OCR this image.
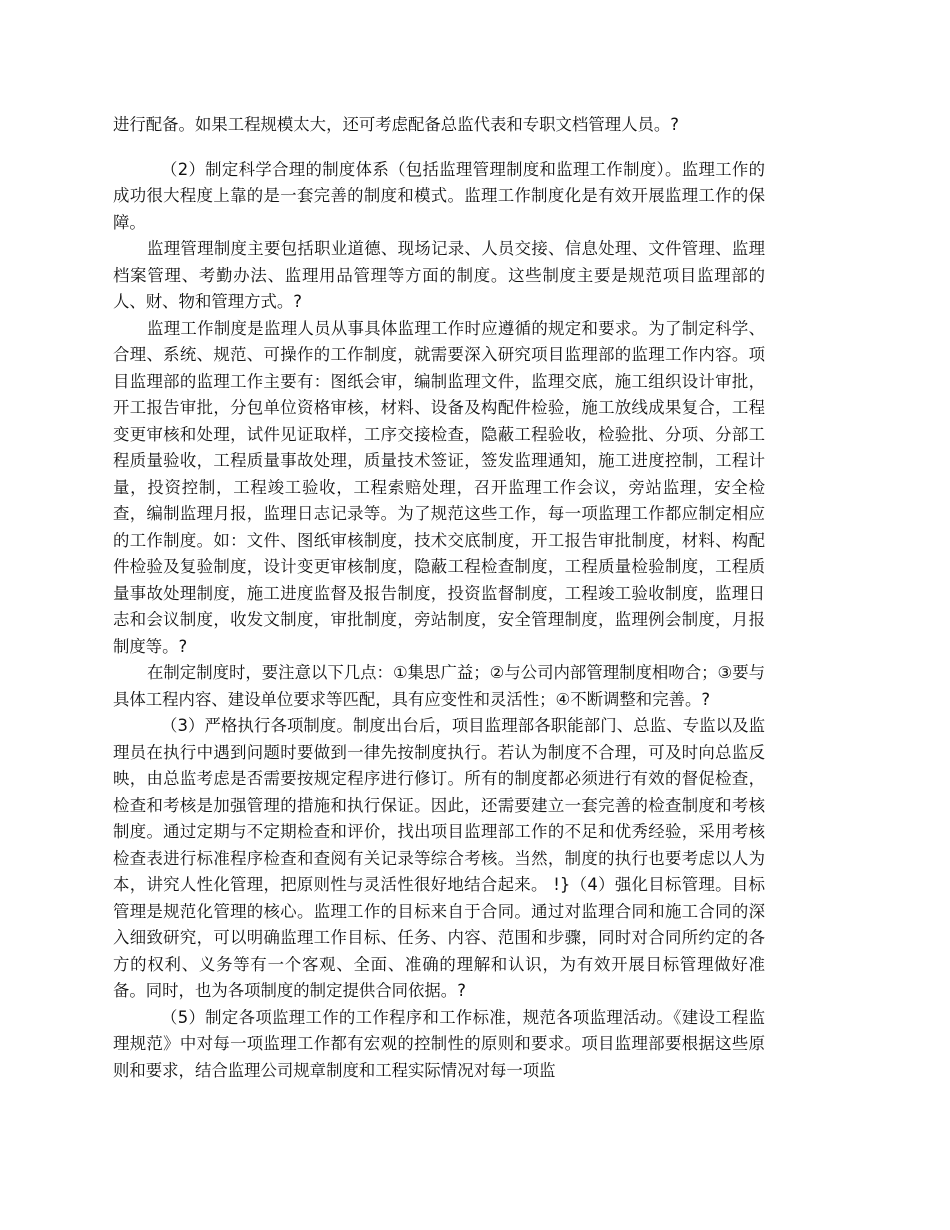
进行配备。如果工程规模太大，还可考虑配备总监代表和专职文档管理人员。?

（2）制定科学合理的制度体系（包括监理管理制度和监理工作制度）。监理工作的成功很大程度上靠的是一套完善的制度和模式。监理工作制度化是有效开展监理工作的保障。

监理管理制度主要包括职业道德、现场记录、人员交接、信息处理、文件管理、监理档案管理、考勤办法、监理用品管理等方面的制度。这些制度主要是规范项目监理部的人、财、物和管理方式。?

监理工作制度是监理人员从事具体监理工作时应遵循的规定和要求。为了制定科学、合理、系统、规范、可操作的工作制度，就需要深入研究项目监理部的监理工作内容。项目监理部的监理工作主要有：图纸会审，编制监理文件，监理交底，施工组织设计审批，开工报告审批，分包单位资格审核，材料、设备及构配件检验，施工放线成果复合，工程变更审核和处理，试件见证取样，工序交接检查，隐蔽工程验收，检验批、分项、分部工程质量验收，工程质量事故处理，质量技术签证，签发监理通知，施工进度控制，工程计量，投资控制，工程竣工验收，工程索赔处理，召开监理工作会议，旁站监理，安全检查，编制监理月报，监理日志记录等。为了规范这些工作，每一项监理工作都应制定相应的工作制度。如：文件、图纸审核制度，技术交底制度，开工报告审批制度，材料、构配件检验及复验制度，设计变更审核制度，隐蔽工程检查制度，工程质量检验制度，工程质量事故处理制度，施工进度监督及报告制度，投资监督制度，工程竣工验收制度，监理日志和会议制度，收发文制度，审批制度，旁站制度，安全管理制度，监理例会制度，月报制度等。?

在制定制度时，要注意以下几点：①集思广益；②与公司内部管理制度相吻合；③要与具体工程内容、建设单位要求等匹配，具有应变性和灵活性；④不断调整和完善。?

（3）严格执行各项制度。制度出台后，项目监理部各职能部门、总监、专监以及监理员在执行中遇到问题时要做到一律先按制度执行。若认为制度不合理，可及时向总监反映，由总监考虑是否需要按规定程序进行修订。所有的制度都必须进行有效的督促检查，检查和考核是加强管理的措施和执行保证。因此，还需要建立一套完善的检查制度和考核制度。通过定期与不定期检查和评价，找出项目监理部工作的不足和优秀经验，采用考核检查表进行标准程序检查和查阅有关记录等综合考核。当然，制度的执行也要考虑以人为本，讲究人性化管理，把原则性与灵活性很好地结合起来。 !}（4）强化目标管理。目标管理是规范化管理的核心。监理工作的目标来自于合同。通过对监理合同和施工合同的深入细致研究，可以明确监理工作目标、任务、内容、范围和步骤，同时对合同所约定的各方的权利、义务等有一个客观、全面、准确的理解和认识，为有效开展目标管理做好准备。同时，也为各项制度的制定提供合同依据。?

（5）制定各项监理工作的工作程序和工作标准，规范各项监理活动。《建设工程监理规范》中对每一项监理工作都有宏观的控制性的原则和要求。项目监理部要根据这些原则和要求，结合监理公司规章制度和工程实际情况对每一项监
